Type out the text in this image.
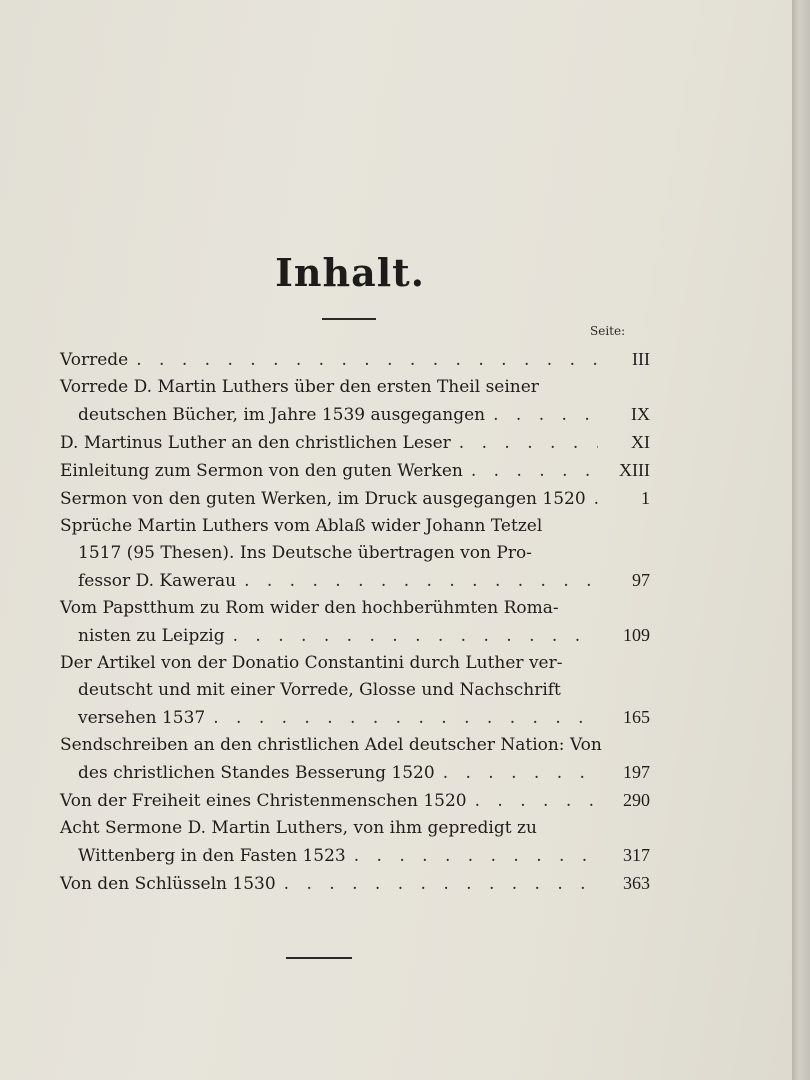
Inhalt.
Seite:
Vorrede . . .	III
Vorrede D. Martin Luthers über den ersten Theil seiner
deutschen Bücher, im Jahre 1539 ausgegangen . . .	IX
D. Martinus Luther an den christlichen Leser . . .	XI
Einleitung zum Sermon von den guten Werken . . .	XIII
Sermon von den guten Werken, im Druck ausgegangen 1520 . . .	1
Sprüche Martin Luthers vom Ablaß wider Johann Tetzel
1517 (95 Thesen). Ins Deutsche übertragen von Pro-
fessor D. Kawerau . . .	97
Vom Papstthum zu Rom wider den hochberühmten Roma-
nisten zu Leipzig . . .	109
Der Artikel von der Donatio Constantini durch Luther ver-
deutscht und mit einer Vorrede, Glosse und Nachschrift
versehen 1537 . . .	165
Sendschreiben an den christlichen Adel deutscher Nation: Von
des christlichen Standes Besserung 1520 . . .	197
Von der Freiheit eines Christenmenschen 1520 . . .	290
Acht Sermone D. Martin Luthers, von ihm gepredigt zu
Wittenberg in den Fasten 1523 . . .	317
Von den Schlüsseln 1530 . . .	363
